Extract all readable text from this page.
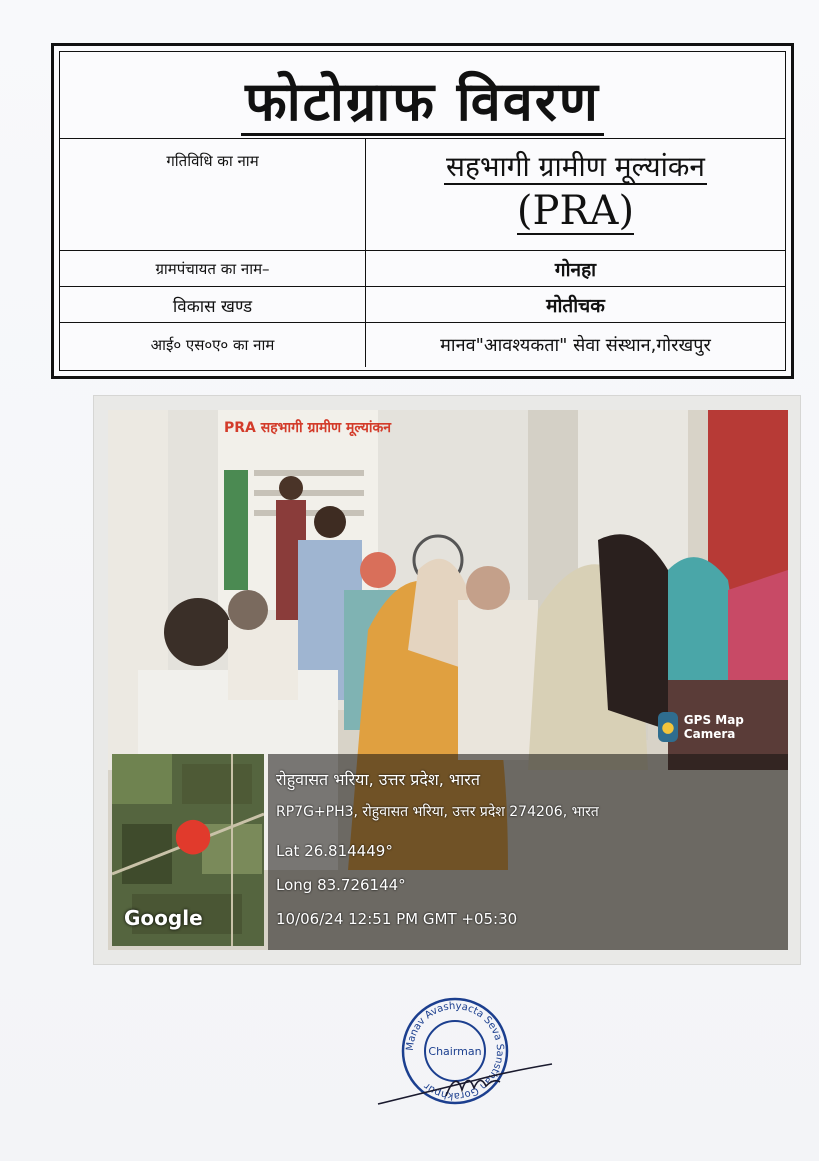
फोटोग्राफ विवरण
गतिविधि का नाम	सहभागी ग्रामीण मूल्यांकन
(PRA)
ग्रामपंचायत का नाम–	गोनहा
विकास खण्ड	मोतीचक
आई० एस०ए० का नाम	मानव"आवश्यकता" सेवा संस्थान,गोरखपुर
PRA सहभागी ग्रामीण मूल्यांकन
● GPS Map Camera
⬤
Google
रोहुवासत भरिया, उत्तर प्रदेश, भारत
RP7G+PH3, रोहुवासत भरिया, उत्तर प्रदेश 274206, भारत
Lat 26.814449°
Long 83.726144°
10/06/24 12:51 PM GMT +05:30
Manav Avashyacta Seva Sansthan Gorakhpur
Chairman
